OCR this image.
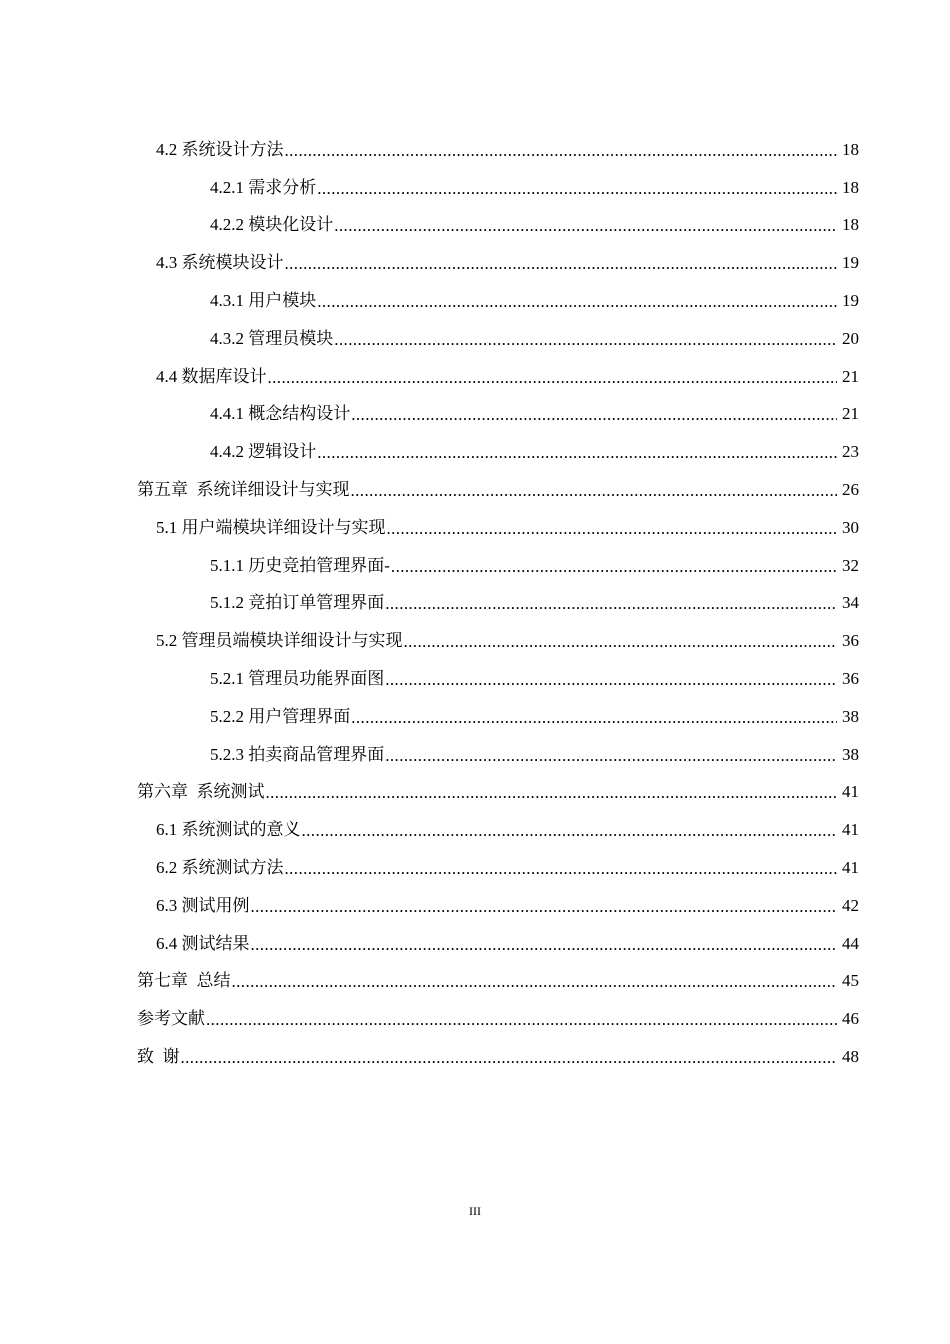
4.2 系统设计方法 .....	18
4.2.1 需求分析 .....	18
4.2.2 模块化设计 .....	18
4.3 系统模块设计 .....	19
4.3.1 用户模块 .....	19
4.3.2 管理员模块 .....	20
4.4 数据库设计 .....	21
4.4.1 概念结构设计 .....	21
4.4.2 逻辑设计 .....	23
第五章  系统详细设计与实现 .....	26
5.1 用户端模块详细设计与实现 .....	30
5.1.1 历史竞拍管理界面- .....	32
5.1.2 竞拍订单管理界面 .....	34
5.2 管理员端模块详细设计与实现 .....	36
5.2.1 管理员功能界面图 .....	36
5.2.2 用户管理界面 .....	38
5.2.3 拍卖商品管理界面 .....	38
第六章  系统测试 .....	41
6.1 系统测试的意义 .....	41
6.2 系统测试方法 .....	41
6.3 测试用例 .....	42
6.4 测试结果 .....	44
第七章  总结 .....	45
参考文献 .....	46
致  谢 .....	48
III
